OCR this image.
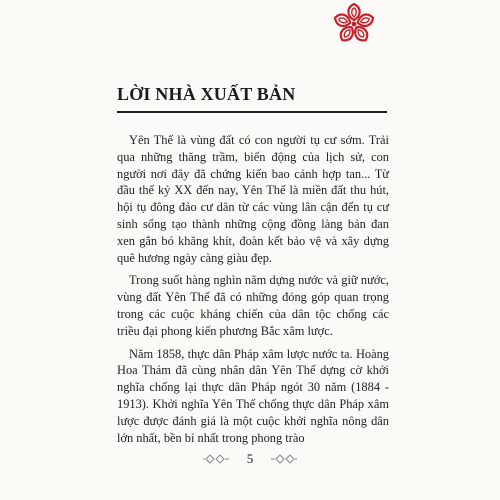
LỜI NHÀ XUẤT BẢN

Yên Thế là vùng đất có con người tụ cư sớm. Trải qua những thăng trầm, biến động của lịch sử, con người nơi đây đã chứng kiến bao cảnh hợp tan... Từ đầu thế kỷ XX đến nay, Yên Thế là miền đất thu hút, hội tụ đông đảo cư dân từ các vùng lân cận đến tụ cư sinh sống tạo thành những cộng đồng làng bản đan xen gắn bó khăng khít, đoàn kết bảo vệ và xây dựng quê hương ngày càng giàu đẹp.

Trong suốt hàng nghìn năm dựng nước và giữ nước, vùng đất Yên Thế đã có những đóng góp quan trọng trong các cuộc kháng chiến của dân tộc chống các triều đại phong kiến phương Bắc xâm lược.

Năm 1858, thực dân Pháp xâm lược nước ta. Hoàng Hoa Thám đã cùng nhân dân Yên Thế dựng cờ khởi nghĩa chống lại thực dân Pháp ngót 30 năm (1884 - 1913). Khởi nghĩa Yên Thế chống thực dân Pháp xâm lược được đánh giá là một cuộc khởi nghĩa nông dân lớn nhất, bền bỉ nhất trong phong trào

5
